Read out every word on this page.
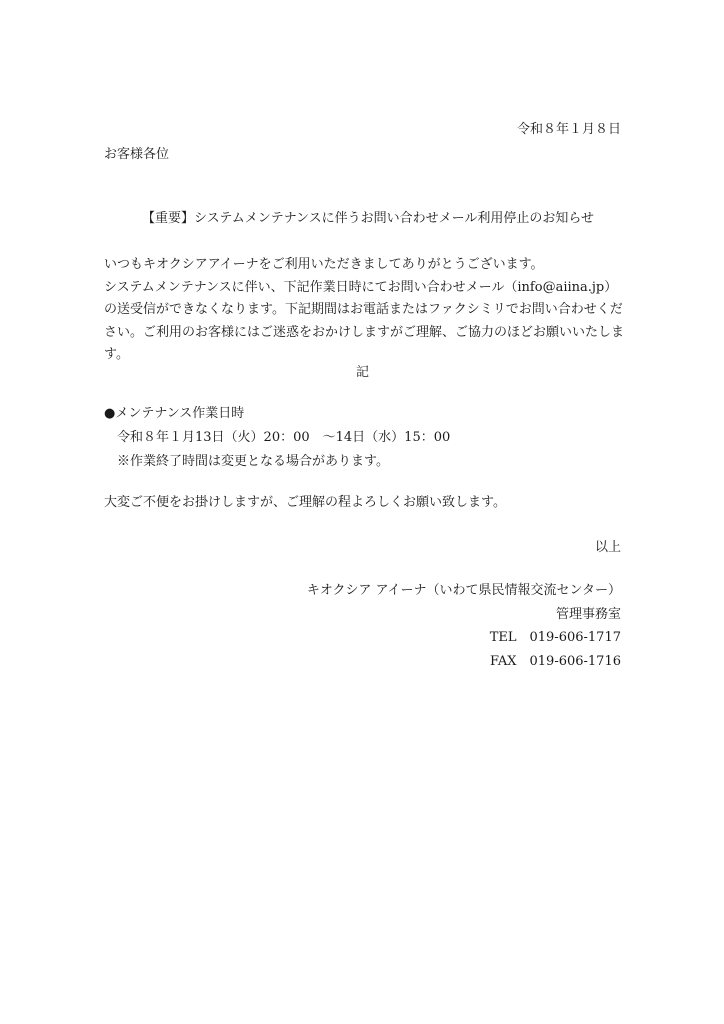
令和８年１月８日
お客様各位
【重要】システムメンテナンスに伴うお問い合わせメール利用停止のお知らせ
いつもキオクシアアイーナをご利用いただきましてありがとうございます。
システムメンテナンスに伴い、下記作業日時にてお問い合わせメール（info@aiina.jp）
の送受信ができなくなります。下記期間はお電話またはファクシミリでお問い合わせくだ
さい。ご利用のお客様にはご迷惑をおかけしますがご理解、ご協力のほどお願いいたしま
す。
記
●メンテナンス作業日時
令和８年１月13日（火）20：00　～14日（水）15：00
※作業終了時間は変更となる場合があります。
大変ご不便をお掛けしますが、ご理解の程よろしくお願い致します。
以上
キオクシア アイーナ（いわて県民情報交流センター）
管理事務室
TEL　019-606-1717
FAX　019-606-1716
